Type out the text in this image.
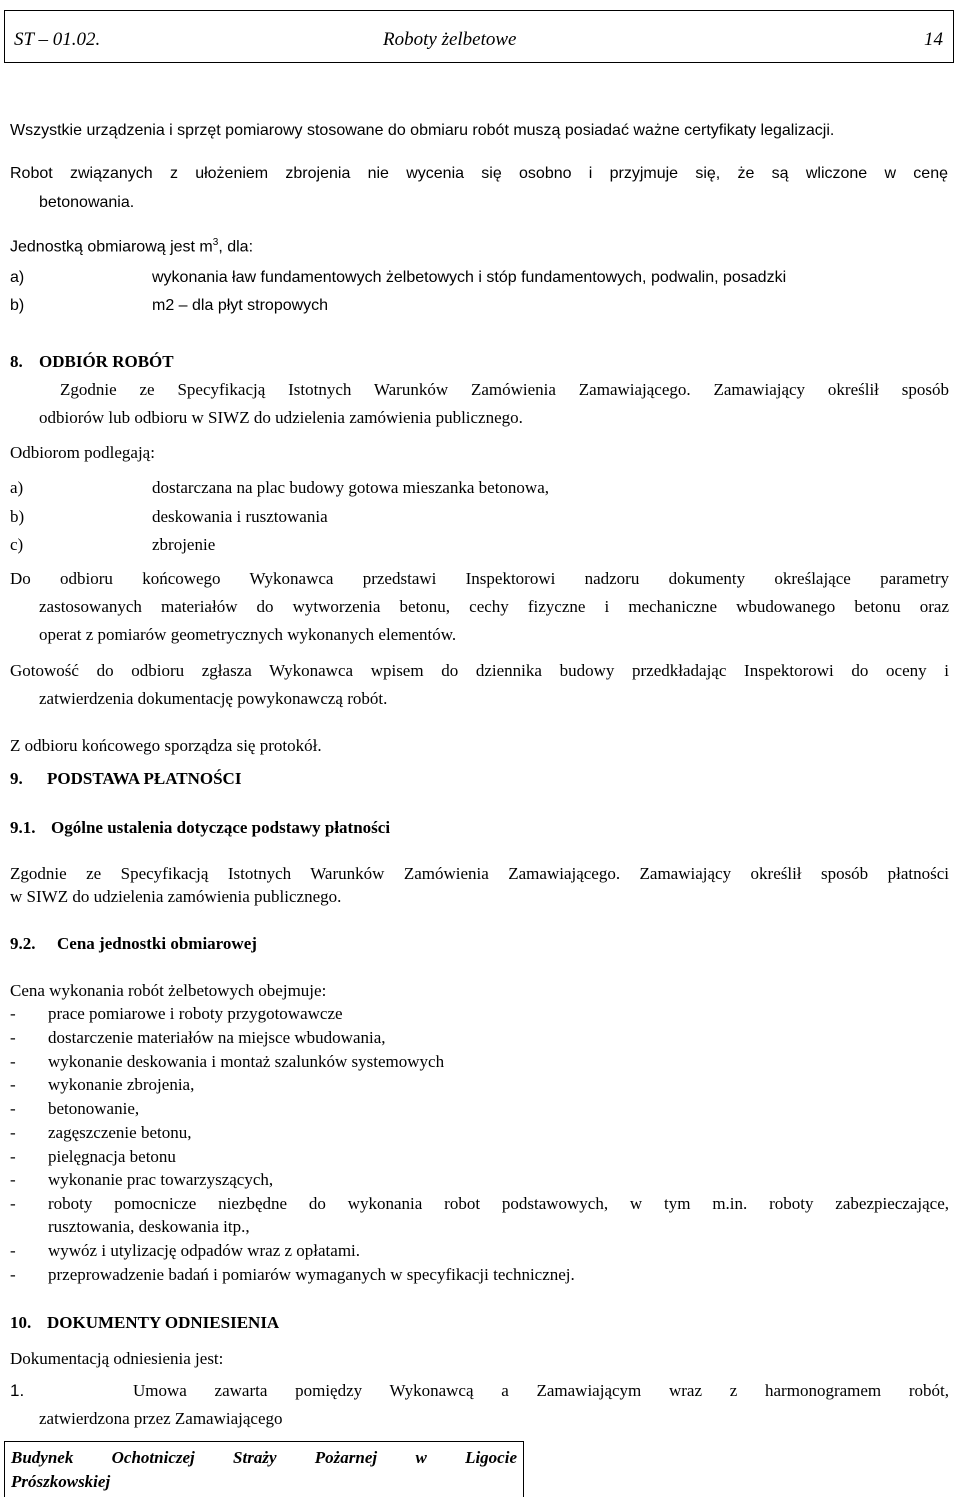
ST – 01.02.	Roboty żelbetowe	14
Wszystkie urządzenia i sprzęt pomiarowy stosowane do obmiaru robót muszą posiadać ważne certyfikaty legalizacji.
Robot związanych z ułożeniem zbrojenia nie wycenia się osobno i przyjmuje się, że są wliczone w cenę
betonowania.
Jednostką obmiarową jest $m^3$, dla:
a)	wykonania ław fundamentowych żelbetowych i stóp fundamentowych, podwalin, posadzki
b)	m2 – dla płyt stropowych
8. ODBIÓR ROBÓT
Zgodnie ze Specyfikacją Istotnych Warunków Zamówienia Zamawiającego. Zamawiający określił sposób
odbiorów lub odbioru w SIWZ do udzielenia zamówienia publicznego.
Odbiorom podlegają:
a)	dostarczana na plac budowy gotowa mieszanka betonowa,
b)	deskowania i rusztowania
c)	zbrojenie
Do odbioru końcowego Wykonawca przedstawi Inspektorowi nadzoru dokumenty określające parametry
zastosowanych materiałów do wytworzenia betonu, cechy fizyczne i mechaniczne wbudowanego betonu oraz
operat z pomiarów geometrycznych wykonanych elementów.
Gotowość do odbioru zgłasza Wykonawca wpisem do dziennika budowy przedkładając Inspektorowi do oceny i
zatwierdzenia dokumentację powykonawczą robót.
Z odbioru końcowego sporządza się protokół.
9. PODSTAWA PŁATNOŚCI
9.1. Ogólne ustalenia dotyczące podstawy płatności
Zgodnie ze Specyfikacją Istotnych Warunków Zamówienia Zamawiającego. Zamawiający określił sposób płatności
w SIWZ do udzielenia zamówienia publicznego.
9.2. Cena jednostki obmiarowej
Cena wykonania robót żelbetowych obejmuje:
- prace pomiarowe i roboty przygotowawcze
- dostarczenie materiałów na miejsce wbudowania,
- wykonanie deskowania i montaż szalunków systemowych
- wykonanie zbrojenia,
- betonowanie,
- zagęszczenie betonu,
- pielęgnacja betonu
- wykonanie prac towarzyszących,
- roboty pomocnicze niezbędne do wykonania robot podstawowych, w tym m.in. roboty zabezpieczające,
rusztowania, deskowania itp.,
- wywóz i utylizację odpadów wraz z opłatami.
- przeprowadzenie badań i pomiarów wymaganych w specyfikacji technicznej.
10. DOKUMENTY ODNIESIENIA
Dokumentacją odniesienia jest:
1.	Umowa zawarta pomiędzy Wykonawcą a Zamawiającym wraz z harmonogramem robót,
zatwierdzona przez Zamawiającego
Budynek Ochotniczej Straży Pożarnej w Ligocie
Prószkowskiej
